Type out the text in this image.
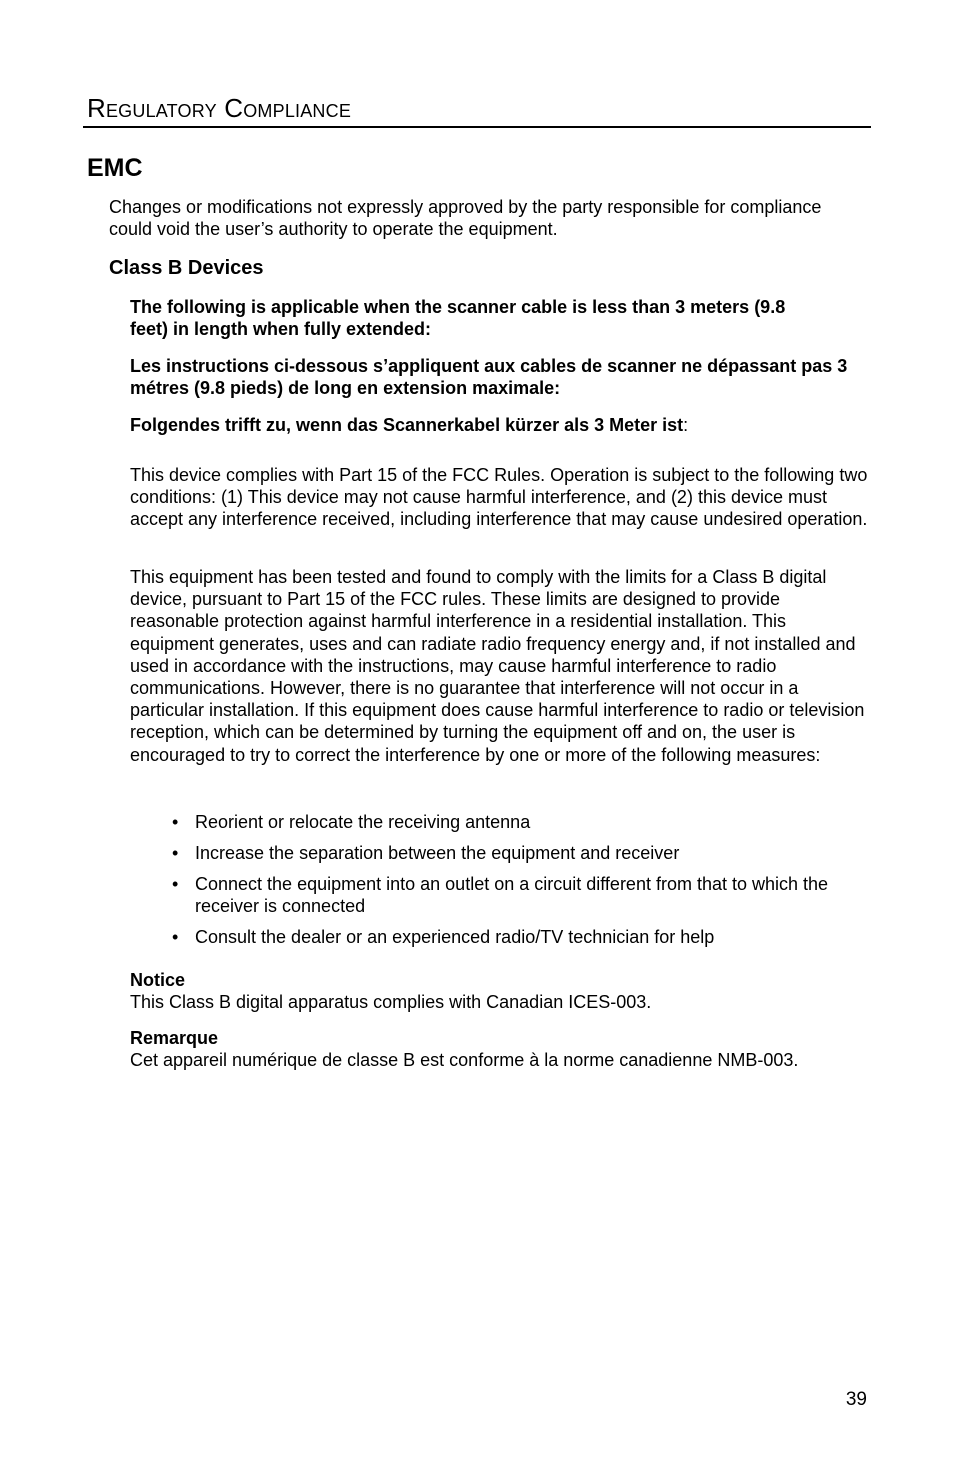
Regulatory Compliance
EMC

Changes or modifications not expressly approved by the party responsible for compliance could void the user’s authority to operate the equipment.

Class B Devices

The following is applicable when the scanner cable is less than 3 meters (9.8 feet) in length when fully extended:

Les instructions ci-dessous s’appliquent aux cables de scanner ne dépassant pas 3 métres (9.8 pieds) de long en extension maximale:

Folgendes trifft zu, wenn das Scannerkabel kürzer als 3 Meter ist:

This device complies with Part 15 of the FCC Rules. Operation is subject to the following two conditions: (1) This device may not cause harmful interference, and (2) this device must accept any interference received, including interference that may cause undesired operation.

This equipment has been tested and found to comply with the limits for a Class B digital device, pursuant to Part 15 of the FCC rules. These limits are designed to provide reasonable protection against harmful interference in a residential installation. This equipment generates, uses and can radiate radio frequency energy and, if not installed and used in accordance with the instructions, may cause harmful interference to radio communications. However, there is no guarantee that interference will not occur in a particular installation. If this equipment does cause harmful interference to radio or television reception, which can be determined by turning the equipment off and on, the user is encouraged to try to correct the interference by one or more of the following measures:

• Reorient or relocate the receiving antenna
• Increase the separation between the equipment and receiver
• Connect the equipment into an outlet on a circuit different from that to which the receiver is connected
• Consult the dealer or an experienced radio/TV technician for help

Notice

This Class B digital apparatus complies with Canadian ICES-003.

Remarque

Cet appareil numérique de classe B est conforme à la norme canadienne NMB-003.

39
